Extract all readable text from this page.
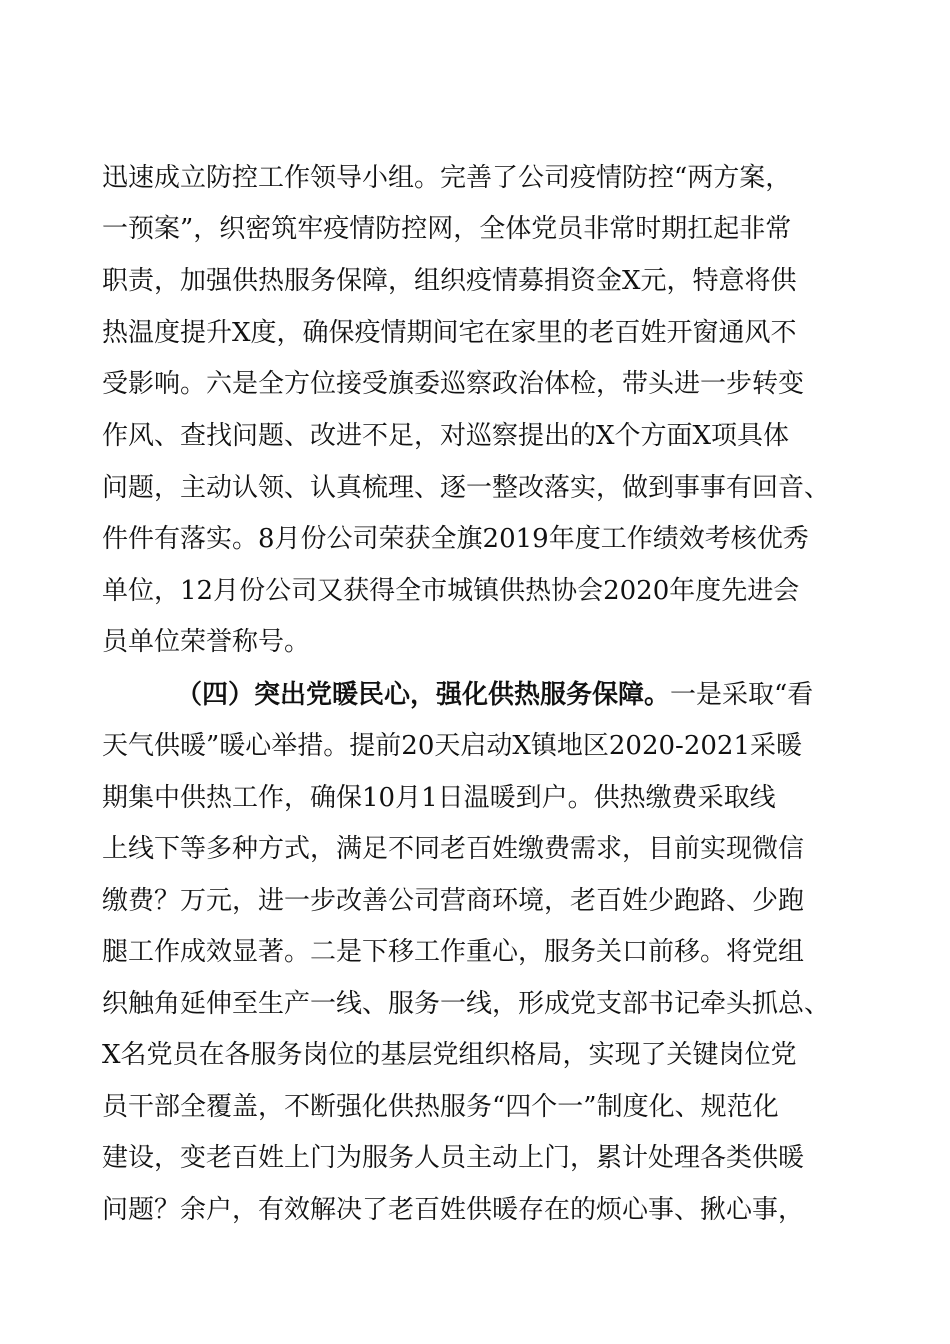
迅速成立防控工作领导小组。完善了公司疫情防控“两方案，
一预案”，织密筑牢疫情防控网，全体党员非常时期扛起非常
职责，加强供热服务保障，组织疫情募捐资金X元，特意将供
热温度提升X度，确保疫情期间宅在家里的老百姓开窗通风不
受影响。六是全方位接受旗委巡察政治体检，带头进一步转变
作风、查找问题、改进不足，对巡察提出的X个方面X项具体
问题，主动认领、认真梳理、逐一整改落实，做到事事有回音、
件件有落实。8月份公司荣获全旗2019年度工作绩效考核优秀
单位，12月份公司又获得全市城镇供热协会2020年度先进会
员单位荣誉称号。
（四）突出党暖民心，强化供热服务保障。 一是采取“看
天气供暖”暖心举措。提前20天启动X镇地区2020-2021采暖
期集中供热工作，确保10月1日温暖到户。供热缴费采取线
上线下等多种方式，满足不同老百姓缴费需求，目前实现微信
缴费？万元，进一步改善公司营商环境，老百姓少跑路、少跑
腿工作成效显著。二是下移工作重心，服务关口前移。将党组
织触角延伸至生产一线、服务一线，形成党支部书记牵头抓总、
X名党员在各服务岗位的基层党组织格局，实现了关键岗位党
员干部全覆盖，不断强化供热服务“四个一”制度化、规范化
建设，变老百姓上门为服务人员主动上门，累计处理各类供暖
问题？余户，有效解决了老百姓供暖存在的烦心事、揪心事，
